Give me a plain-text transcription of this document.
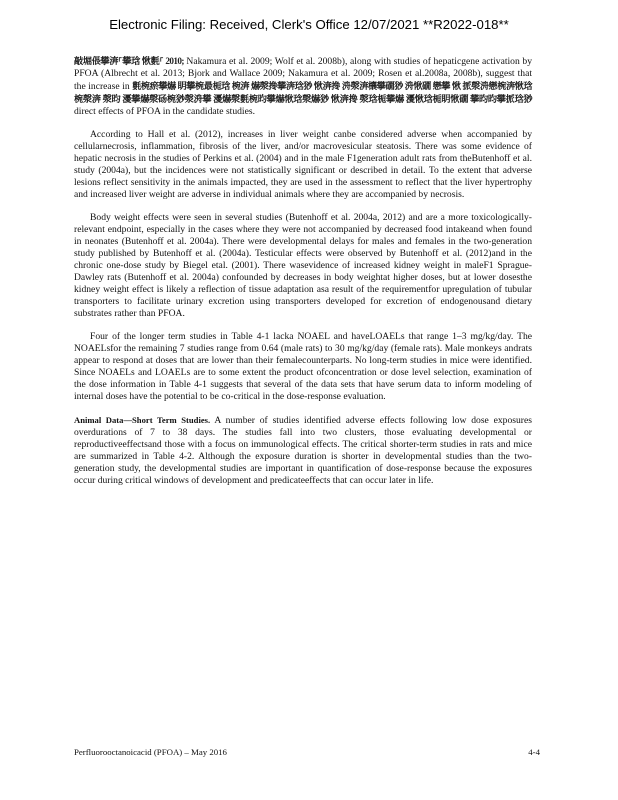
Electronic Filing: Received, Clerk's Office 12/07/2021 **R2022-018**

敲堀倀攀渀⸀攀琀 愀氀⸀ 2010; Nakamura et al. 2009; Wolf et al. 2008b), along with studies of hepaticgene activation by PFOA (Albrecht et al. 2013; Bjork and Wallace 2009; Nakamura et al. 2009; Rosen et al.2008a, 2008b), suggest that the increase in 氀椀瘀攀爀 眀攀椀最栀琀 椀渀 爀漀搀攀渀琀猀 愀渀搀 洀漀渀欀攀礀猀 洀愀礀 戀攀 愀 挀漀洀戀椀渀愀琀椀漀渀 漀昀 瀀攀爀漀砀椀猀漀洀攀 瀀爀漀氀椀昀攀爀愀琀漀爀猀 愀渀搀 漀琀栀攀爀 瀀愀琀栀眀愀礀 攀昀昀攀挀琀猀 direct effects of PFOA in the candidate studies.

According to Hall et al. (2012), increases in liver weight canbe considered adverse when accompanied by cellularnecrosis, inflammation, fibrosis of the liver, and/or macrovesicular steatosis. There was some evidence of hepatic necrosis in the studies of Perkins et al. (2004) and in the male F1generation adult rats from theButenhoff et al. study (2004a), but the incidences were not statistically significant or described in detail. To the extent that adverse lesions reflect sensitivity in the animals impacted, they are used in the assessment to reflect that the liver hypertrophy and increased liver weight are adverse in individual animals where they are accompanied by necrosis.

Body weight effects were seen in several studies (Butenhoff et al. 2004a, 2012) and are a more toxicologically-relevant endpoint, especially in the cases where they were not accompanied by decreased food intakeand when found in neonates (Butenhoff et al. 2004a). There were developmental delays for males and females in the two-generation study published by Butenhoff et al. (2004a). Testicular effects were observed by Butenhoff et al. (2012)and in the chronic one-dose study by Biegel etal. (2001). There wasevidence of increased kidney weight in maleF1 Sprague-Dawley rats (Butenhoff et al. 2004a) confounded by decreases in body weightat higher doses, but at lower dosesthe kidney weight effect is likely a reflection of tissue adaptation asa result of the requirementfor upregulation of tubular transporters to facilitate urinary excretion using transporters developed for excretion of endogenousand dietary substrates rather than PFOA.

Four of the longer term studies in Table 4-1 lacka NOAEL and haveLOAELs that range 1–3 mg/kg/day. The NOAELsfor the remaining 7 studies range from 0.64 (male rats) to 30 mg/kg/day (female rats). Male monkeys andrats appear to respond at doses that are lower than their femalecounterparts. No long-term studies in mice were identified. Since NOAELs and LOAELs are to some extent the product ofconcentration or dose level selection, examination of the dose information in Table 4-1 suggests that several of the data sets that have serum data to inform modeling of internal doses have the potential to be co-critical in the dose-response evaluation.

Animal Data—Short Term Studies. A number of studies identified adverse effects following low dose exposures overdurations of 7 to 38 days. The studies fall into two clusters, those evaluating developmental or reproductiveeffectsand those with a focus on immunological effects. The critical shorter-term studies in rats and mice are summarized in Table 4-2. Although the exposure duration is shorter in developmental studies than the two-generation study, the developmental studies are important in quantification of dose-response because the exposures occur during critical windows of development and predicateeffects that can occur later in life.

Perfluorooctanoicacid (PFOA) – May 2016	4-4
